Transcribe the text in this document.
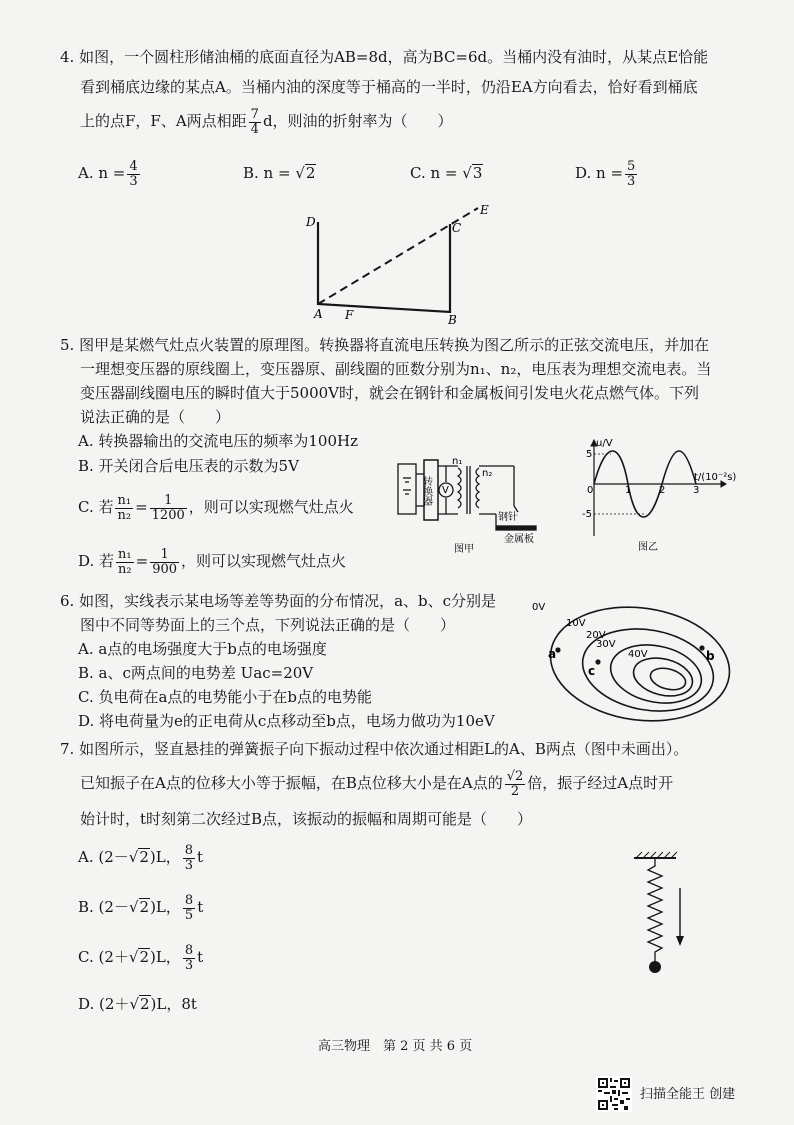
4. 如图，一个圆柱形储油桶的底面直径为AB=8d，高为BC=6d。当桶内没有油时，从某点E恰能
看到桶底边缘的某点A。当桶内油的深度等于桶高的一半时，仍沿EA方向看去，恰好看到桶底
上的点F，F、A两点相距 $\frac{7}{4}$ d，则油的折射率为（　　）
A. $n = \frac{4}{3}$	B. n = √2	C. n = √3	D. $n = \frac{5}{3}$
D
E
C
A F	B
5. 图甲是某燃气灶点火装置的原理图。转换器将直流电压转换为图乙所示的正弦交流电压，并加在
一理想变压器的原线圈上，变压器原、副线圈的匝数分别为n₁、n₂，电压表为理想交流电表。当
变压器副线圈电压的瞬时值大于5000V时，就会在钢针和金属板间引发电火花点燃气体。下列
说法正确的是（　　）
A. 转换器输出的交流电压的频率为100Hz
B. 开关闭合后电压表的示数为5V
C. 若 $\frac{\text{n₁}}{\text{n₂}} = \frac{1}{1200}$ ，则可以实现燃气灶点火
D. 若 $\frac{\text{n₁}}{\text{n₂}} = \frac{1}{900}$ ，则可以实现燃气灶点火
转换器 V
n₁
n₂
钢针
金属板
图甲
u/V
5
-5
0	1	2	3
t/(10⁻²s)
图乙
6. 如图，实线表示某电场等差等势面的分布情况，a、b、c分别是
图中不同等势面上的三个点，下列说法正确的是（　　）
A. a点的电场强度大于b点的电场强度
B. a、c两点间的电势差 Uac=20V
C. 负电荷在a点的电势能小于在b点的电势能
D. 将电荷量为e的正电荷从c点移动至b点，电场力做功为10eV
0V
10V
20V
30V
40V
a
c
b
7. 如图所示，竖直悬挂的弹簧振子向下振动过程中依次通过相距L的A、B两点（图中未画出）。
已知振子在A点的位移大小等于振幅，在B点位移大小是在A点的 $\frac{√2}{2}$ 倍，振子经过A点时开
始计时，t时刻第二次经过B点，该振动的振幅和周期可能是（　　）
A. (2－√2)L， $\frac{8}{3}$ t
B. (2－√2)L， $\frac{8}{5}$ t
C. (2＋√2)L， $\frac{8}{3}$ t
D. (2＋√2)L，8t
高三物理　第 2 页 共 6 页
扫描全能王 创建
